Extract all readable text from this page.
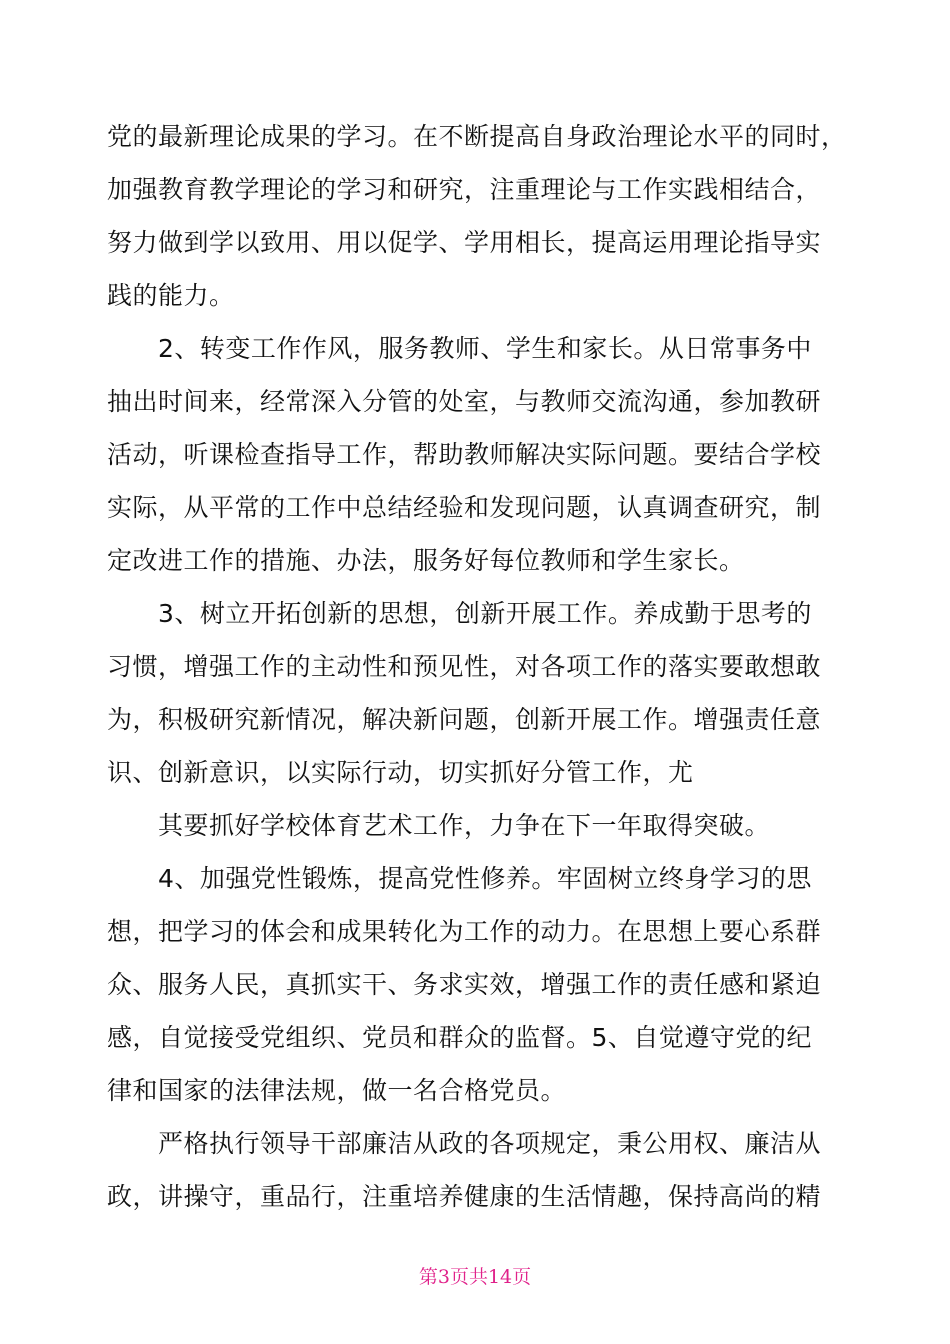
党的最新理论成果的学习。在不断提高自身政治理论水平的同时，
加强教育教学理论的学习和研究，注重理论与工作实践相结合，
努力做到学以致用、用以促学、学用相长，提高运用理论指导实
践的能力。
2、转变工作作风，服务教师、学生和家长。从日常事务中
抽出时间来，经常深入分管的处室，与教师交流沟通，参加教研
活动，听课检查指导工作，帮助教师解决实际问题。要结合学校
实际，从平常的工作中总结经验和发现问题，认真调查研究，制
定改进工作的措施、办法，服务好每位教师和学生家长。
3、树立开拓创新的思想，创新开展工作。养成勤于思考的
习惯，增强工作的主动性和预见性，对各项工作的落实要敢想敢
为，积极研究新情况，解决新问题，创新开展工作。增强责任意
识、创新意识，以实际行动，切实抓好分管工作，尤
其要抓好学校体育艺术工作，力争在下一年取得突破。
4、加强党性锻炼，提高党性修养。牢固树立终身学习的思
想，把学习的体会和成果转化为工作的动力。在思想上要心系群
众、服务人民，真抓实干、务求实效，增强工作的责任感和紧迫
感，自觉接受党组织、党员和群众的监督。5、自觉遵守党的纪
律和国家的法律法规，做一名合格党员。
严格执行领导干部廉洁从政的各项规定，秉公用权、廉洁从
政，讲操守，重品行，注重培养健康的生活情趣，保持高尚的精
第3页共14页
